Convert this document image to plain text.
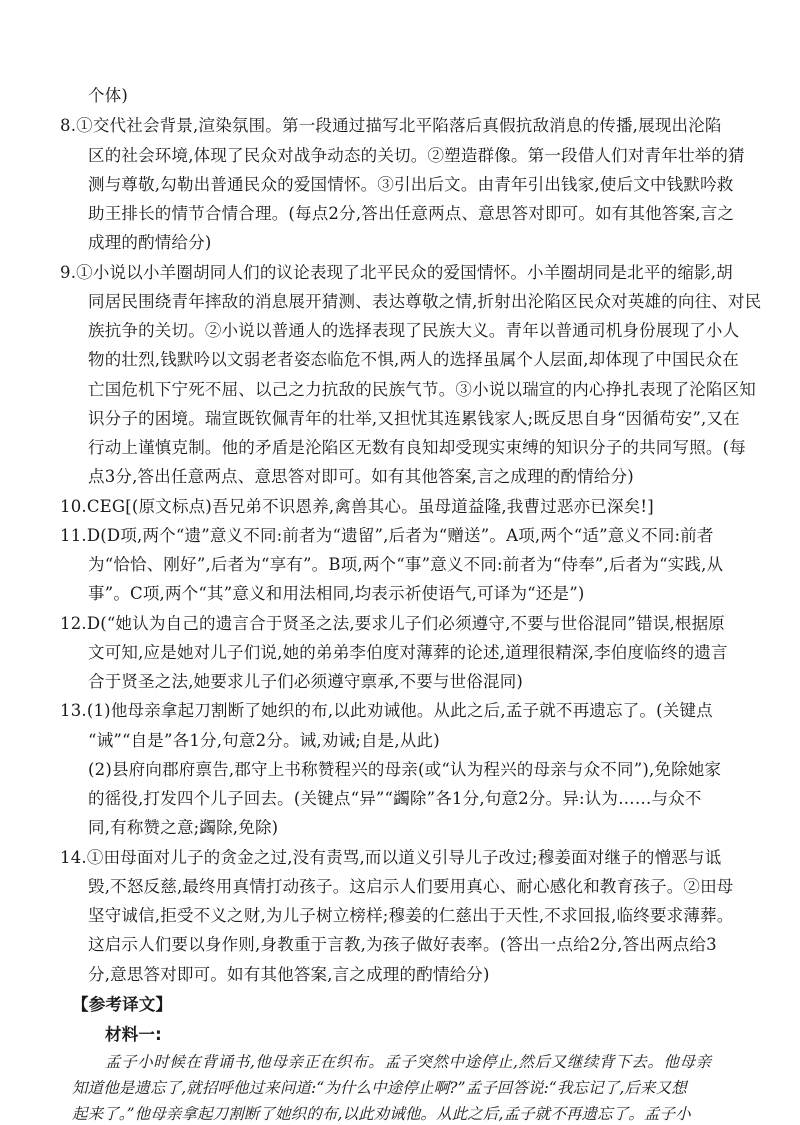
个体)
8.①交代社会背景,渲染氛围。第一段通过描写北平陷落后真假抗敌消息的传播,展现出沦陷
区的社会环境,体现了民众对战争动态的关切。②塑造群像。第一段借人们对青年壮举的猜
测与尊敬,勾勒出普通民众的爱国情怀。③引出后文。由青年引出钱家,使后文中钱默吟救
助王排长的情节合情合理。(每点2分,答出任意两点、意思答对即可。如有其他答案,言之
成理的酌情给分)
9.①小说以小羊圈胡同人们的议论表现了北平民众的爱国情怀。小羊圈胡同是北平的缩影,胡
同居民围绕青年摔敌的消息展开猜测、表达尊敬之情,折射出沦陷区民众对英雄的向往、对民
族抗争的关切。②小说以普通人的选择表现了民族大义。青年以普通司机身份展现了小人
物的壮烈,钱默吟以文弱老者姿态临危不惧,两人的选择虽属个人层面,却体现了中国民众在
亡国危机下宁死不屈、以己之力抗敌的民族气节。③小说以瑞宣的内心挣扎表现了沦陷区知
识分子的困境。瑞宣既钦佩青年的壮举,又担忧其连累钱家人;既反思自身“因循苟安”,又在
行动上谨慎克制。他的矛盾是沦陷区无数有良知却受现实束缚的知识分子的共同写照。(每
点3分,答出任意两点、意思答对即可。如有其他答案,言之成理的酌情给分)
10.CEG[(原文标点)吾兄弟不识恩养,禽兽其心。虽母道益隆,我曹过恶亦已深矣!]
11.D(D项,两个“遗”意义不同:前者为“遗留”,后者为“赠送”。A项,两个“适”意义不同:前者
为“恰恰、刚好”,后者为“享有”。B项,两个“事”意义不同:前者为“侍奉”,后者为“实践,从
事”。C项,两个“其”意义和用法相同,均表示祈使语气,可译为“还是”)
12.D(“她认为自己的遗言合于贤圣之法,要求儿子们必须遵守,不要与世俗混同”错误,根据原
文可知,应是她对儿子们说,她的弟弟李伯度对薄葬的论述,道理很精深,李伯度临终的遗言
合于贤圣之法,她要求儿子们必须遵守禀承,不要与世俗混同)
13.(1)他母亲拿起刀割断了她织的布,以此劝诫他。从此之后,孟子就不再遗忘了。(关键点
“诫”“自是”各1分,句意2分。诫,劝诫;自是,从此)
(2)县府向郡府禀告,郡守上书称赞程兴的母亲(或“认为程兴的母亲与众不同”),免除她家
的徭役,打发四个儿子回去。(关键点“异”“蠲除”各1分,句意2分。异:认为……与众不
同,有称赞之意;蠲除,免除)
14.①田母面对儿子的贪金之过,没有责骂,而以道义引导儿子改过;穆姜面对继子的憎恶与诋
毁,不怒反慈,最终用真情打动孩子。这启示人们要用真心、耐心感化和教育孩子。②田母
坚守诚信,拒受不义之财,为儿子树立榜样;穆姜的仁慈出于天性,不求回报,临终要求薄葬。
这启示人们要以身作则,身教重于言教,为孩子做好表率。(答出一点给2分,答出两点给3
分,意思答对即可。如有其他答案,言之成理的酌情给分)
【参考译文】
材料一:
孟子小时候在背诵书,他母亲正在织布。孟子突然中途停止,然后又继续背下去。他母亲
知道他是遗忘了,就招呼他过来问道:“为什么中途停止啊?”孟子回答说:“我忘记了,后来又想
起来了。”他母亲拿起刀割断了她织的布,以此劝诫他。从此之后,孟子就不再遗忘了。孟子小
